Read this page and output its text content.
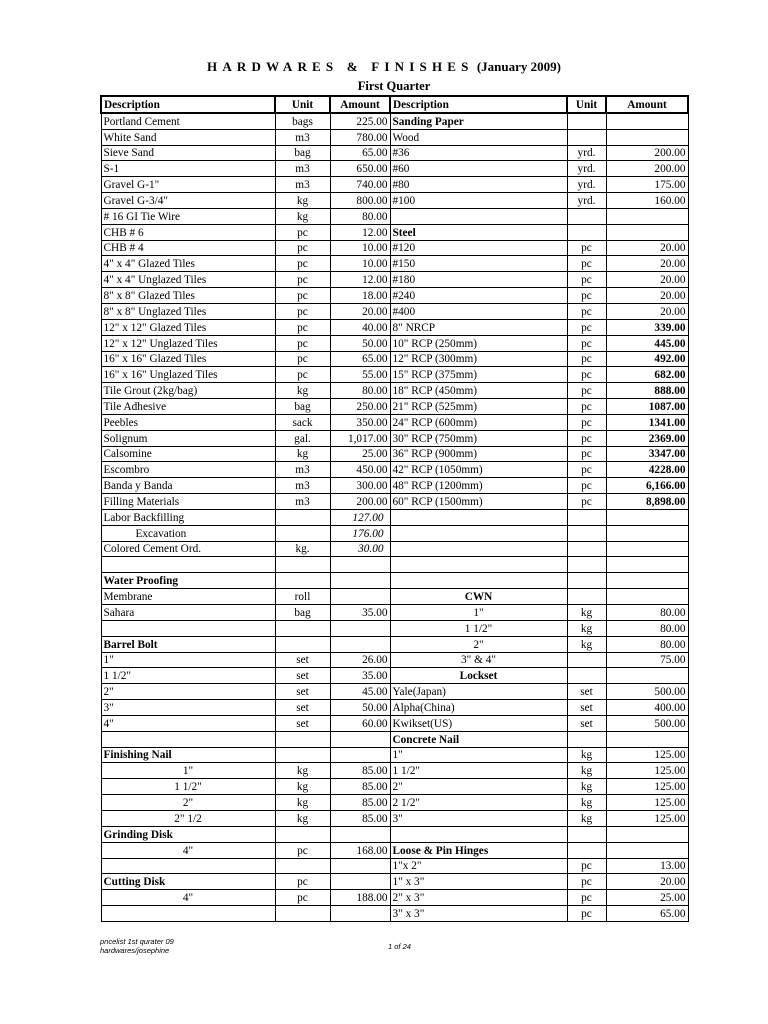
HARDWARES & FINISHES (January 2009)
First Quarter
Description	Unit	Amount	Description	Unit	Amount
Portland Cement	bags	225.00	Sanding Paper		
White Sand	m3	780.00	Wood		
Sieve Sand	bag	65.00	#36	yrd.	200.00
S-1	m3	650.00	#60	yrd.	200.00
Gravel G-1"	m3	740.00	#80	yrd.	175.00
Gravel G-3/4"	kg	800.00	#100	yrd.	160.00
# 16 GI Tie Wire	kg	80.00			
CHB # 6	pc	12.00	Steel		
CHB # 4	pc	10.00	#120	pc	20.00
4" x 4" Glazed Tiles	pc	10.00	#150	pc	20.00
4" x 4" Unglazed Tiles	pc	12.00	#180	pc	20.00
8" x 8" Glazed Tiles	pc	18.00	#240	pc	20.00
8" x 8" Unglazed Tiles	pc	20.00	#400	pc	20.00
12" x 12" Glazed Tiles	pc	40.00	8" NRCP	pc	339.00
12" x 12" Unglazed Tiles	pc	50.00	10" RCP (250mm)	pc	445.00
16" x 16" Glazed Tiles	pc	65.00	12" RCP (300mm)	pc	492.00
16" x 16" Unglazed Tiles	pc	55.00	15" RCP (375mm)	pc	682.00
Tile Grout (2kg/bag)	kg	80.00	18" RCP (450mm)	pc	888.00
Tile Adhesive	bag	250.00	21" RCP (525mm)	pc	1087.00
Peebles	sack	350.00	24" RCP (600mm)	pc	1341.00
Solignum	gal.	1,017.00	30" RCP (750mm)	pc	2369.00
Calsomine	kg	25.00	36" RCP (900mm)	pc	3347.00
Escombro	m3	450.00	42" RCP (1050mm)	pc	4228.00
Banda y Banda	m3	300.00	48" RCP (1200mm)	pc	6,166.00
Filling Materials	m3	200.00	60" RCP (1500mm)	pc	8,898.00
Labor Backfilling		127.00			
Excavation		176.00			
Colored Cement Ord.	kg.	30.00			

Water Proofing					
Membrane	roll		CWN		
Sahara	bag	35.00	1"	kg	80.00
			1 1/2"	kg	80.00
Barrel Bolt			2"	kg	80.00
1"	set	26.00	3" & 4"		75.00
1 1/2"	set	35.00	Lockset		
2"	set	45.00	Yale(Japan)	set	500.00
3"	set	50.00	Alpha(China)	set	400.00
4"	set	60.00	Kwikset(US)	set	500.00
			Concrete Nail		
Finishing Nail			1"	kg	125.00
1"	kg	85.00	1 1/2"	kg	125.00
1 1/2"	kg	85.00	2"	kg	125.00
2"	kg	85.00	2 1/2"	kg	125.00
2" 1/2	kg	85.00	3"	kg	125.00
Grinding Disk					
4"	pc	168.00	Loose & Pin Hinges		
			1"x 2"	pc	13.00
Cutting Disk	pc		1" x 3"	pc	20.00
4"	pc	188.00	2" x 3"	pc	25.00
			3" x 3"	pc	65.00
pricelist 1st qurater 09
hardwares/josephine	1 of 24
